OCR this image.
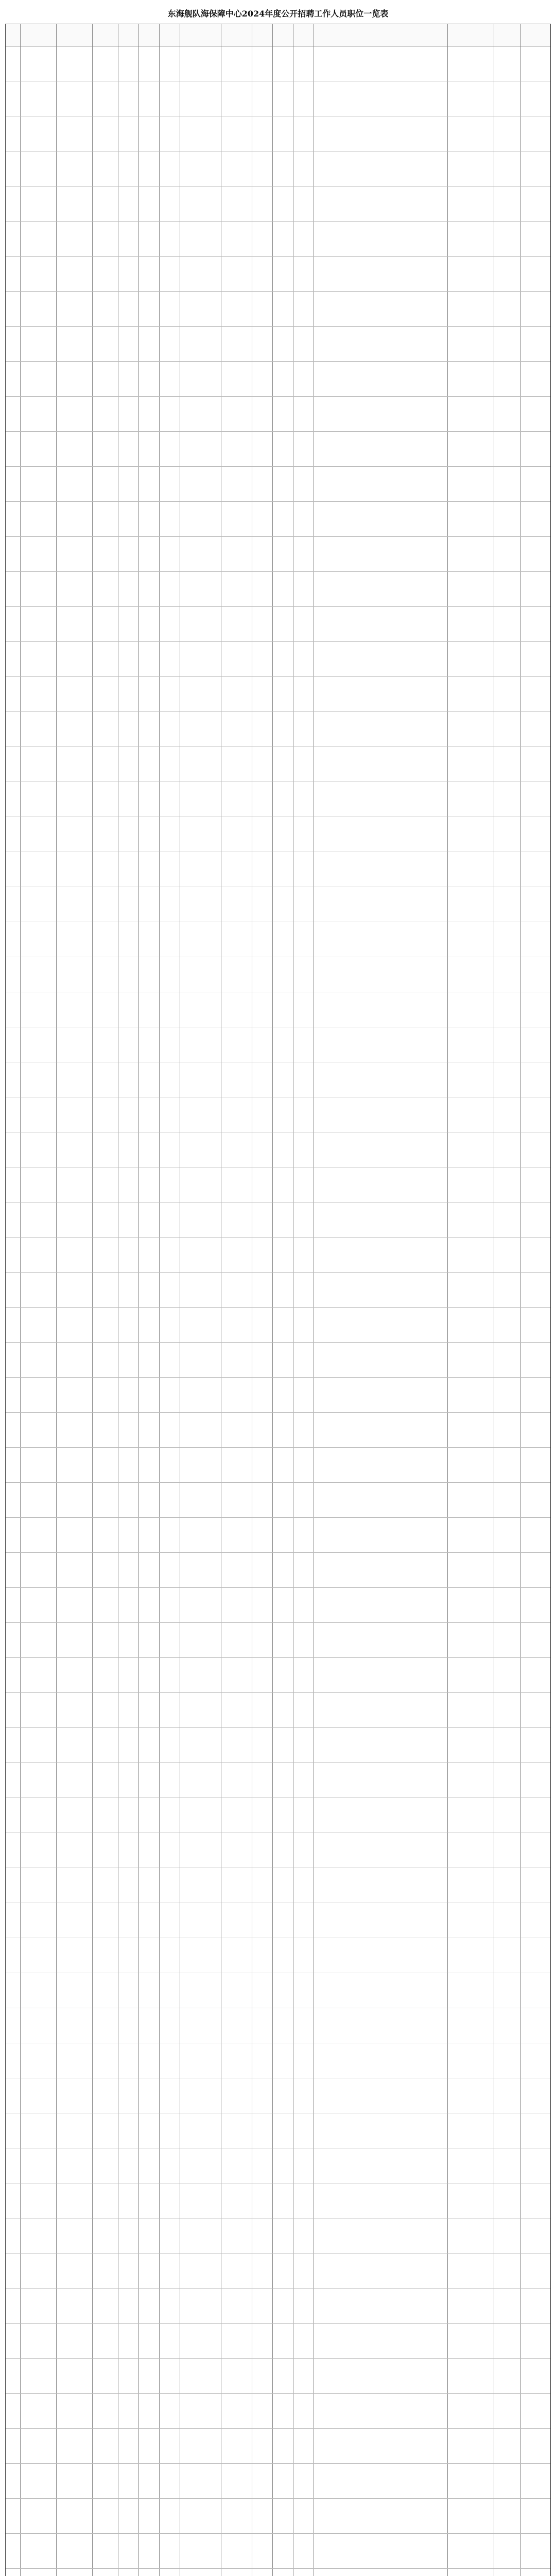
东海舰队海保障中心2024年度公开招聘工作人员职位一览表
